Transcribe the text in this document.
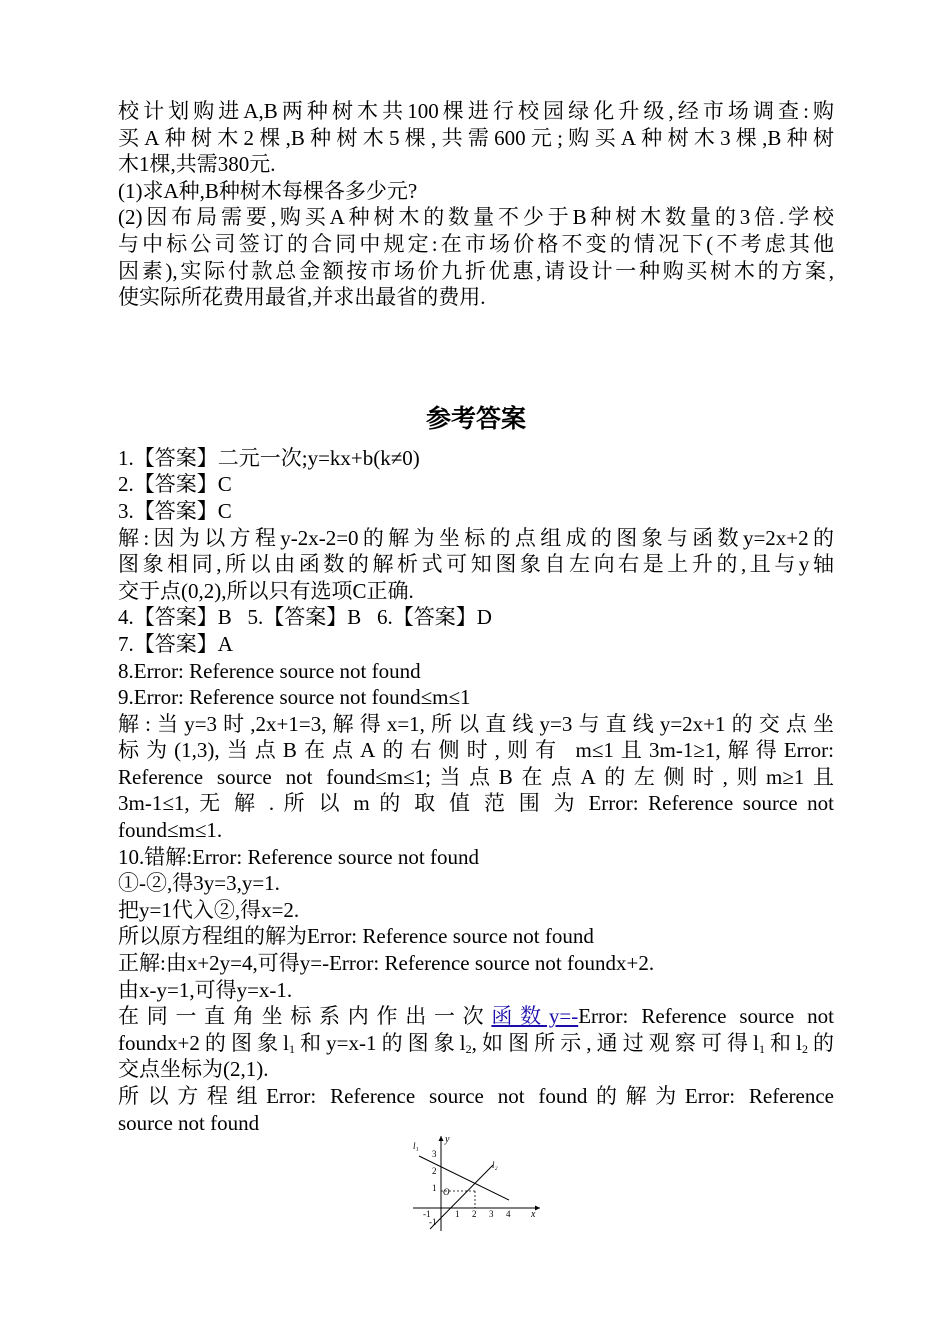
校计划购进A,B两种树木共100棵进行校园绿化升级,经市场调查:购
买A种树木2棵,B种树木5棵,共需600元;购买A种树木3棵,B种树
木1棵,共需380元.
(1)求A种,B种树木每棵各多少元?
(2)因布局需要,购买A种树木的数量不少于B种树木数量的3倍.学校
与中标公司签订的合同中规定:在市场价格不变的情况下(不考虑其他
因素),实际付款总金额按市场价九折优惠,请设计一种购买树木的方案,
使实际所花费用最省,并求出最省的费用.
参考答案
1.【答案】二元一次;y=kx+b(k≠0)
2.【答案】C
3.【答案】C
解:因为以方程y-2x-2=0的解为坐标的点组成的图象与函数y=2x+2的
图象相同,所以由函数的解析式可知图象自左向右是上升的,且与y轴
交于点(0,2),所以只有选项C正确.
4.【答案】B   5.【答案】B   6.【答案】D
7.【答案】A
8.Error: Reference source not found
9.Error: Reference source not found≤m≤1
解:当y=3时,2x+1=3,解得x=1,所以直线y=3与直线y=2x+1的交点坐
标为(1,3),当点B在点A的右侧时,则有 m≤1且3m-1≥1,解得Error:
Reference source not found≤m≤1;当点B在点A的左侧时,则m≥1且
3m-1≤1, 无 解 . 所 以 m 的 取 值 范 围 为 Error: Reference source not
found≤m≤1.
10.错解:Error: Reference source not found
①-②,得3y=3,y=1.
把y=1代入②,得x=2.
所以原方程组的解为Error: Reference source not found
正解:由x+2y=4,可得y=-Error: Reference source not foundx+2.
由x-y=1,可得y=x-1.
在同一直角坐标系内作出一次函数y=-Error: Reference source not
foundx+2的图象$l_1$和y=x-1的图象$l_2$,如图所示,通过观察可得$l_1$和$l_2$的
交点坐标为(2,1).
所以方程组Error: Reference source not found的解为Error: Reference
source not found
x
y
O
-1	1 2 3 4
3
2
1
-1
l₁
l₂
